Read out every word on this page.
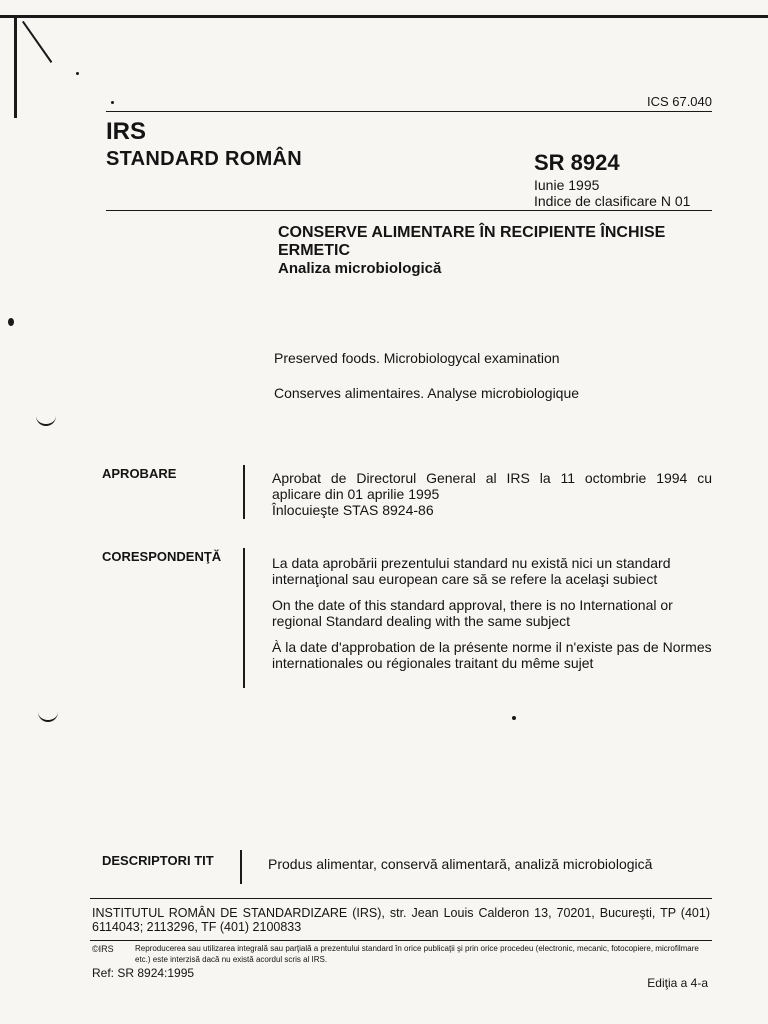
ICS 67.040
IRS
STANDARD ROMÂN	SR 8924
Iunie 1995
Indice de clasificare N 01
CONSERVE ALIMENTARE ÎN RECIPIENTE ÎNCHISE
ERMETIC
Analiza microbiologică
Preserved foods. Microbiologycal examination
Conserves alimentaires. Analyse microbiologique
APROBARE	Aprobat de Directorul General al IRS la 11 octombrie 1994 cu
aplicare din 01 aprilie 1995
Înlocuieşte STAS 8924-86
CORESPONDENŢĂ	La data aprobării prezentului standard nu există nici un standard internaţional sau european care să se refere la acelaşi subiect

On the date of this standard approval, there is no International or regional Standard dealing with the same subject

À la date d'approbation de la présente norme il n'existe pas de Normes internationales ou régionales traitant du même sujet

DESCRIPTORI TIT	Produs alimentar, conservă alimentară, analiză microbiologică
INSTITUTUL ROMÂN DE STANDARDIZARE (IRS), str. Jean Louis Calderon 13, 70201, Bucureşti, TP (401) 6114043; 2113296, TF (401) 2100833
©IRS	Reproducerea sau utilizarea integrală sau parţială a prezentului standard în orice publicaţii şi prin orice procedeu (electronic, mecanic, fotocopiere, microfilmare etc.) este interzisă dacă nu există acordul scris al IRS.
Ref: SR 8924:1995
Ediţia a 4-a
